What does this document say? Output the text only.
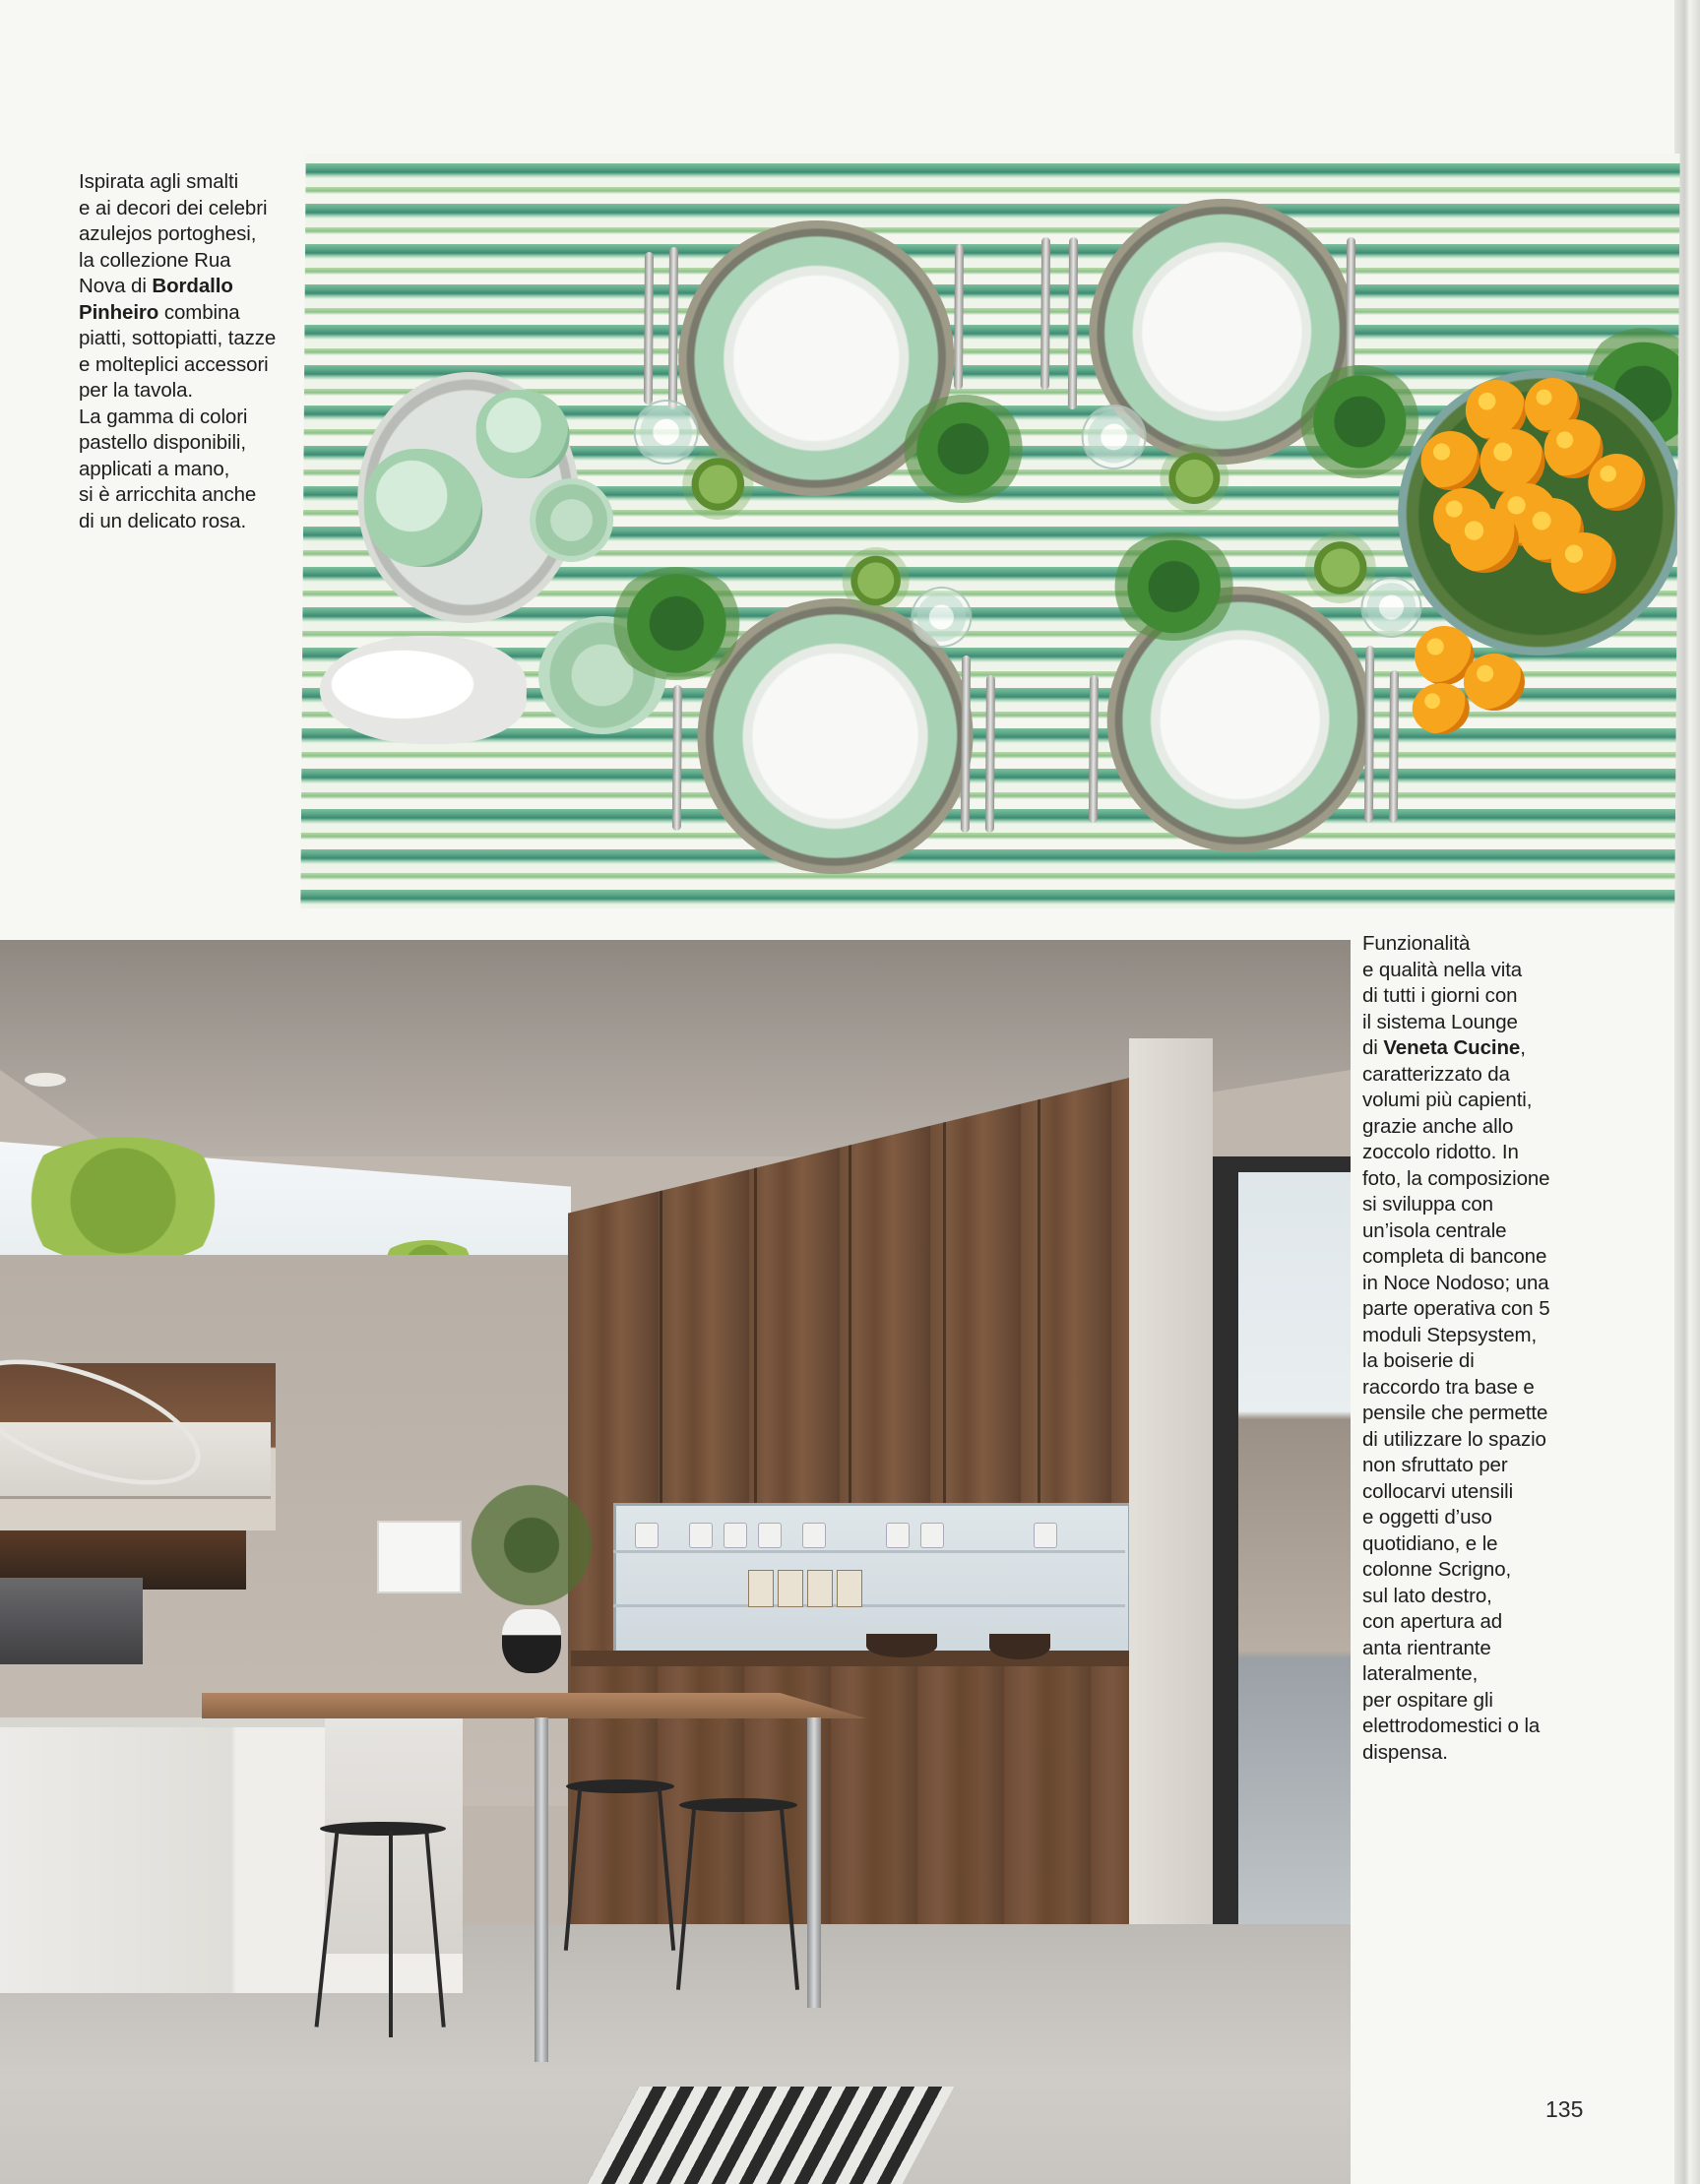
Ispirata agli smalti

e ai decori dei celebri

azulejos portoghesi,

la collezione Rua

Nova di Bordallo

Pinheiro combina

piatti, sottopiatti, tazze

e molteplici accessori

per la tavola.

La gamma di colori

pastello disponibili,

applicati a mano,

si è arricchita anche

di un delicato rosa.

Funzionalità

e qualità nella vita

di tutti i giorni con

il sistema Lounge

di Veneta Cucine,

caratterizzato da

volumi più capienti,

grazie anche allo

zoccolo ridotto. In

foto, la composizione

si sviluppa con

un’isola centrale

completa di bancone

in Noce Nodoso; una

parte operativa con 5

moduli Stepsystem,

la boiserie di

raccordo tra base e

pensile che permette

di utilizzare lo spazio

non sfruttato per

collocarvi utensili

e oggetti d’uso

quotidiano, e le

colonne Scrigno,

sul lato destro,

con apertura ad

anta rientrante

lateralmente,

per ospitare gli

elettrodomestici o la

dispensa.

135
